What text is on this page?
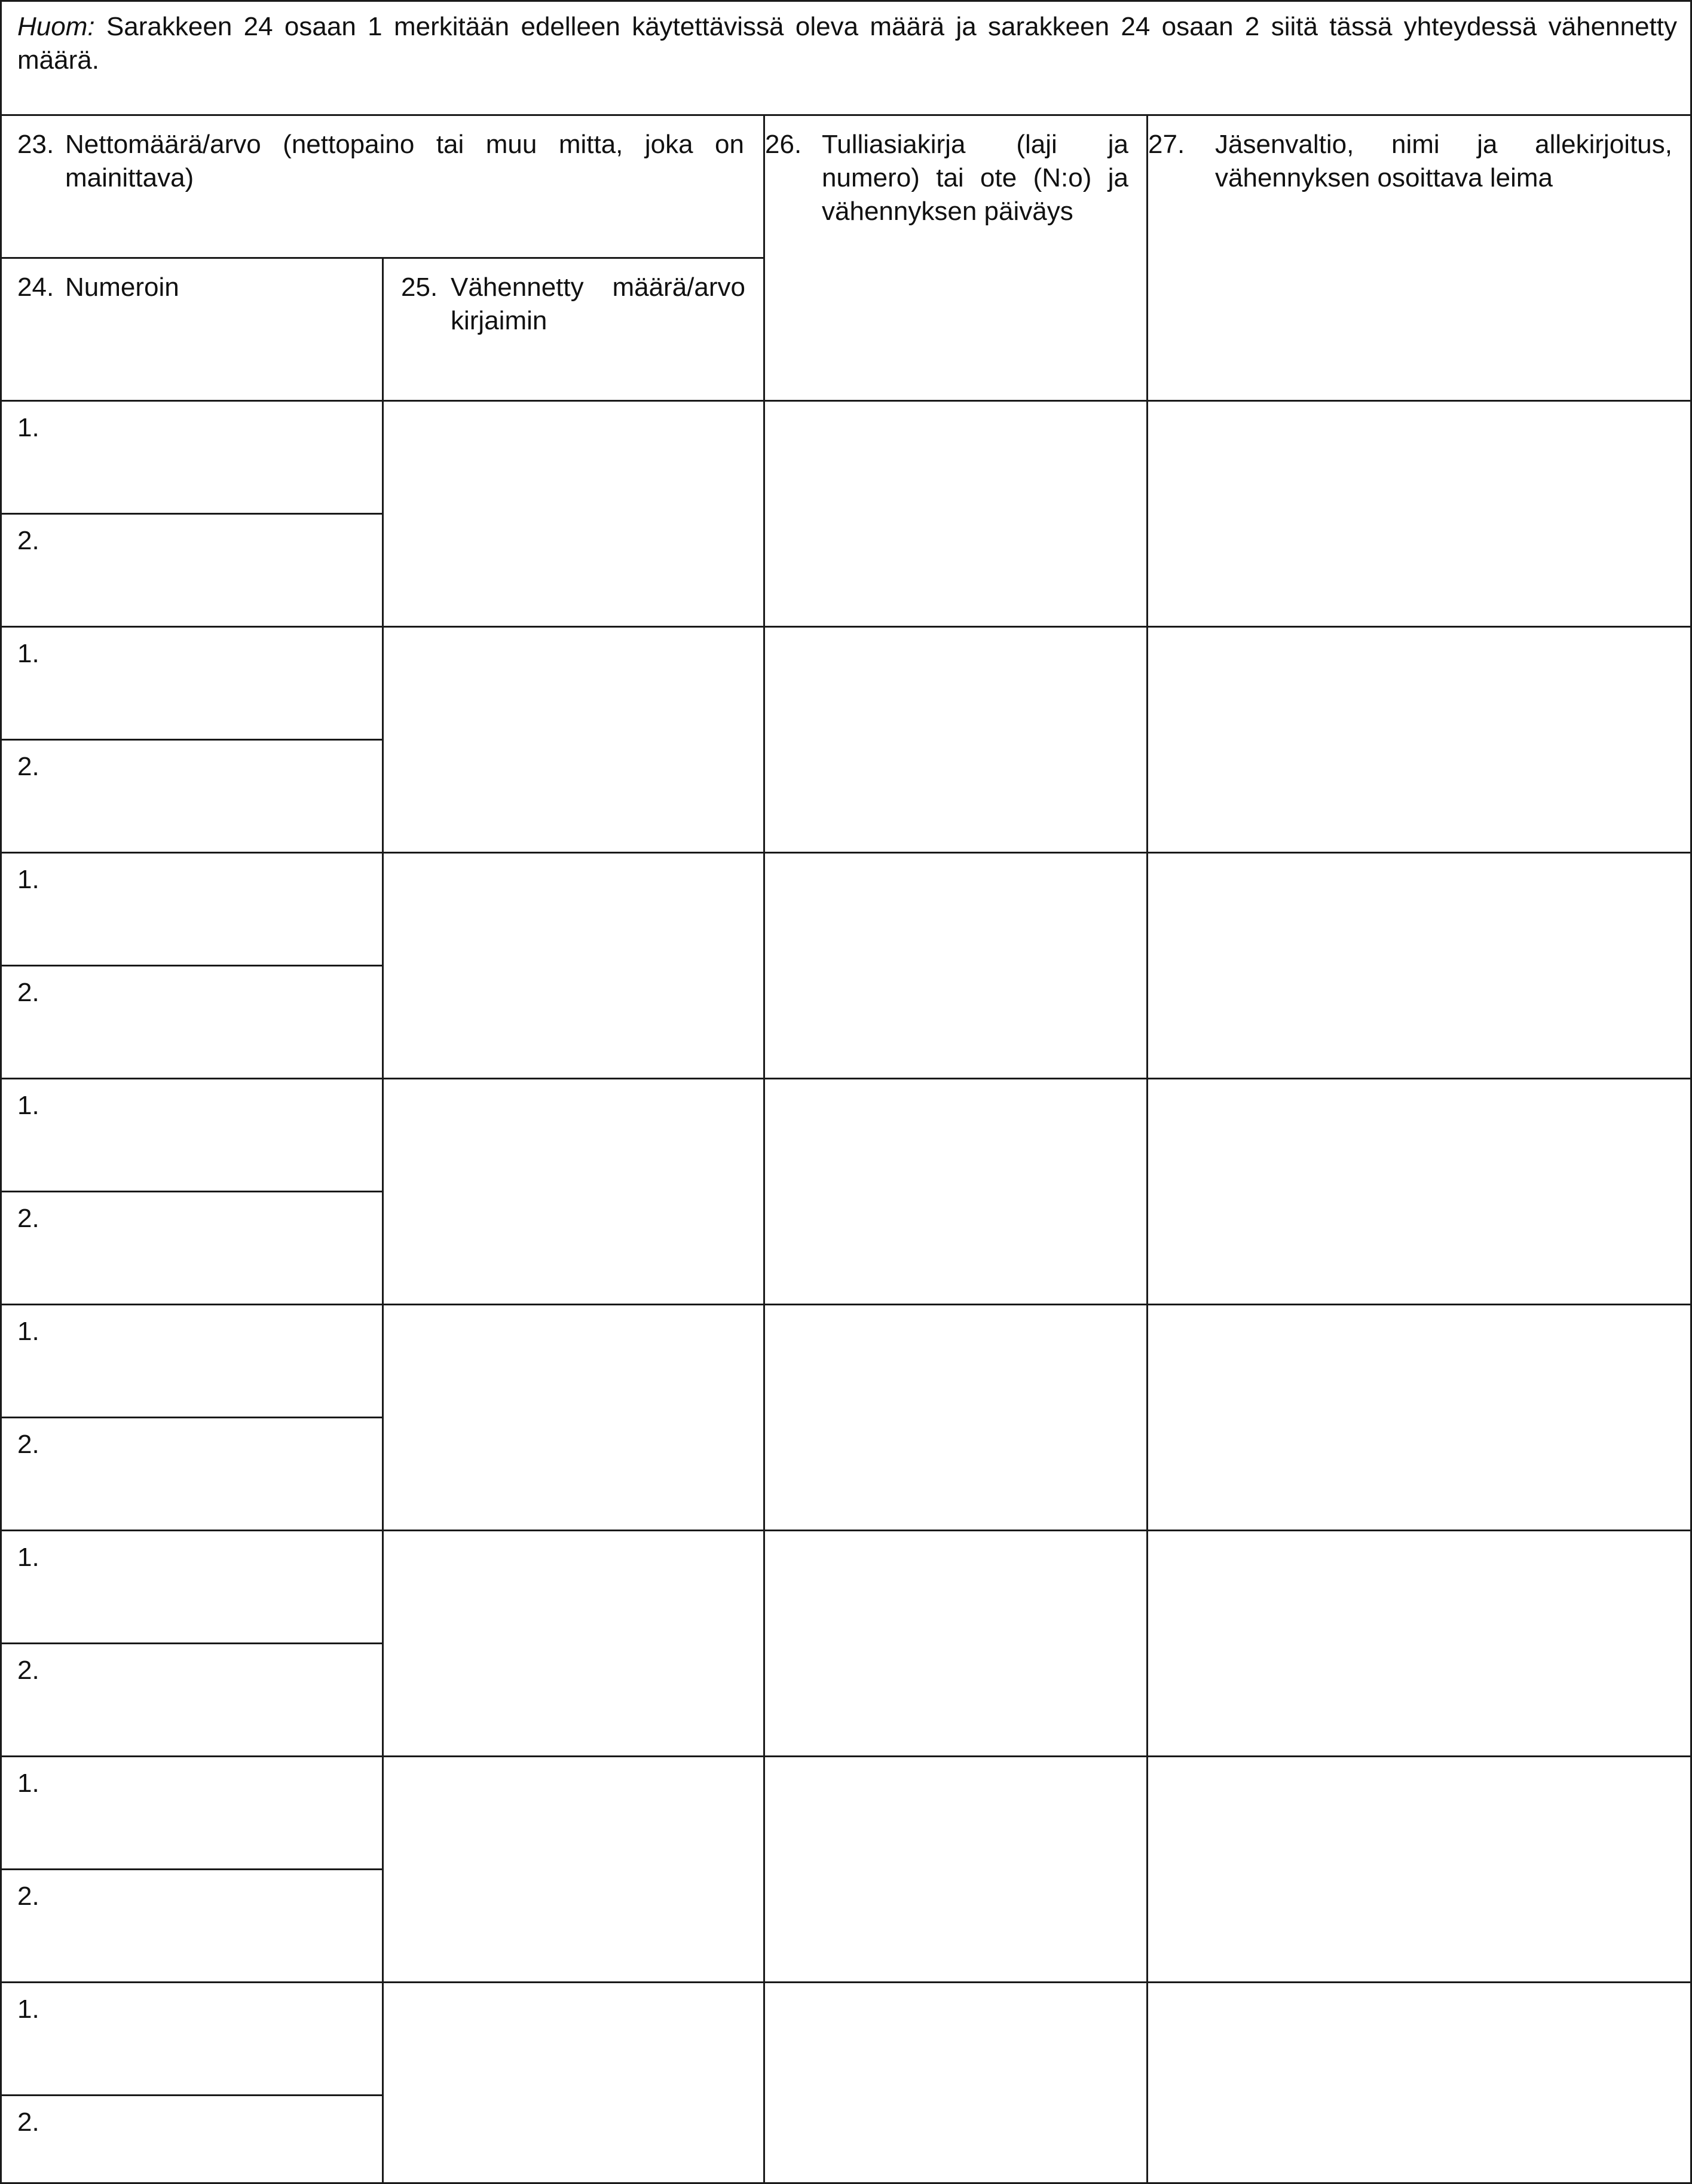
Huom: Sarakkeen 24 osaan 1 merkitään edelleen käytettävissä oleva määrä ja sarakkeen 24 osaan 2 siitä tässä yhteydessä vähennetty määrä.
23. Nettomäärä/arvo (nettopaino tai muu mitta, joka on mainittava)
26. Tulliasiakirja (laji ja numero) tai ote (N:o) ja vähennyksen päiväys
27.	Jäsenvaltio, nimi ja allekirjoitus, vähennyksen osoittava leima
24. Numeroin	25. Vähennetty määrä/arvo kirjaimin
1.
2.
1.
2.
1.
2.
1.
2.
1.
2.
1.
2.
1.
2.
1.
2.
